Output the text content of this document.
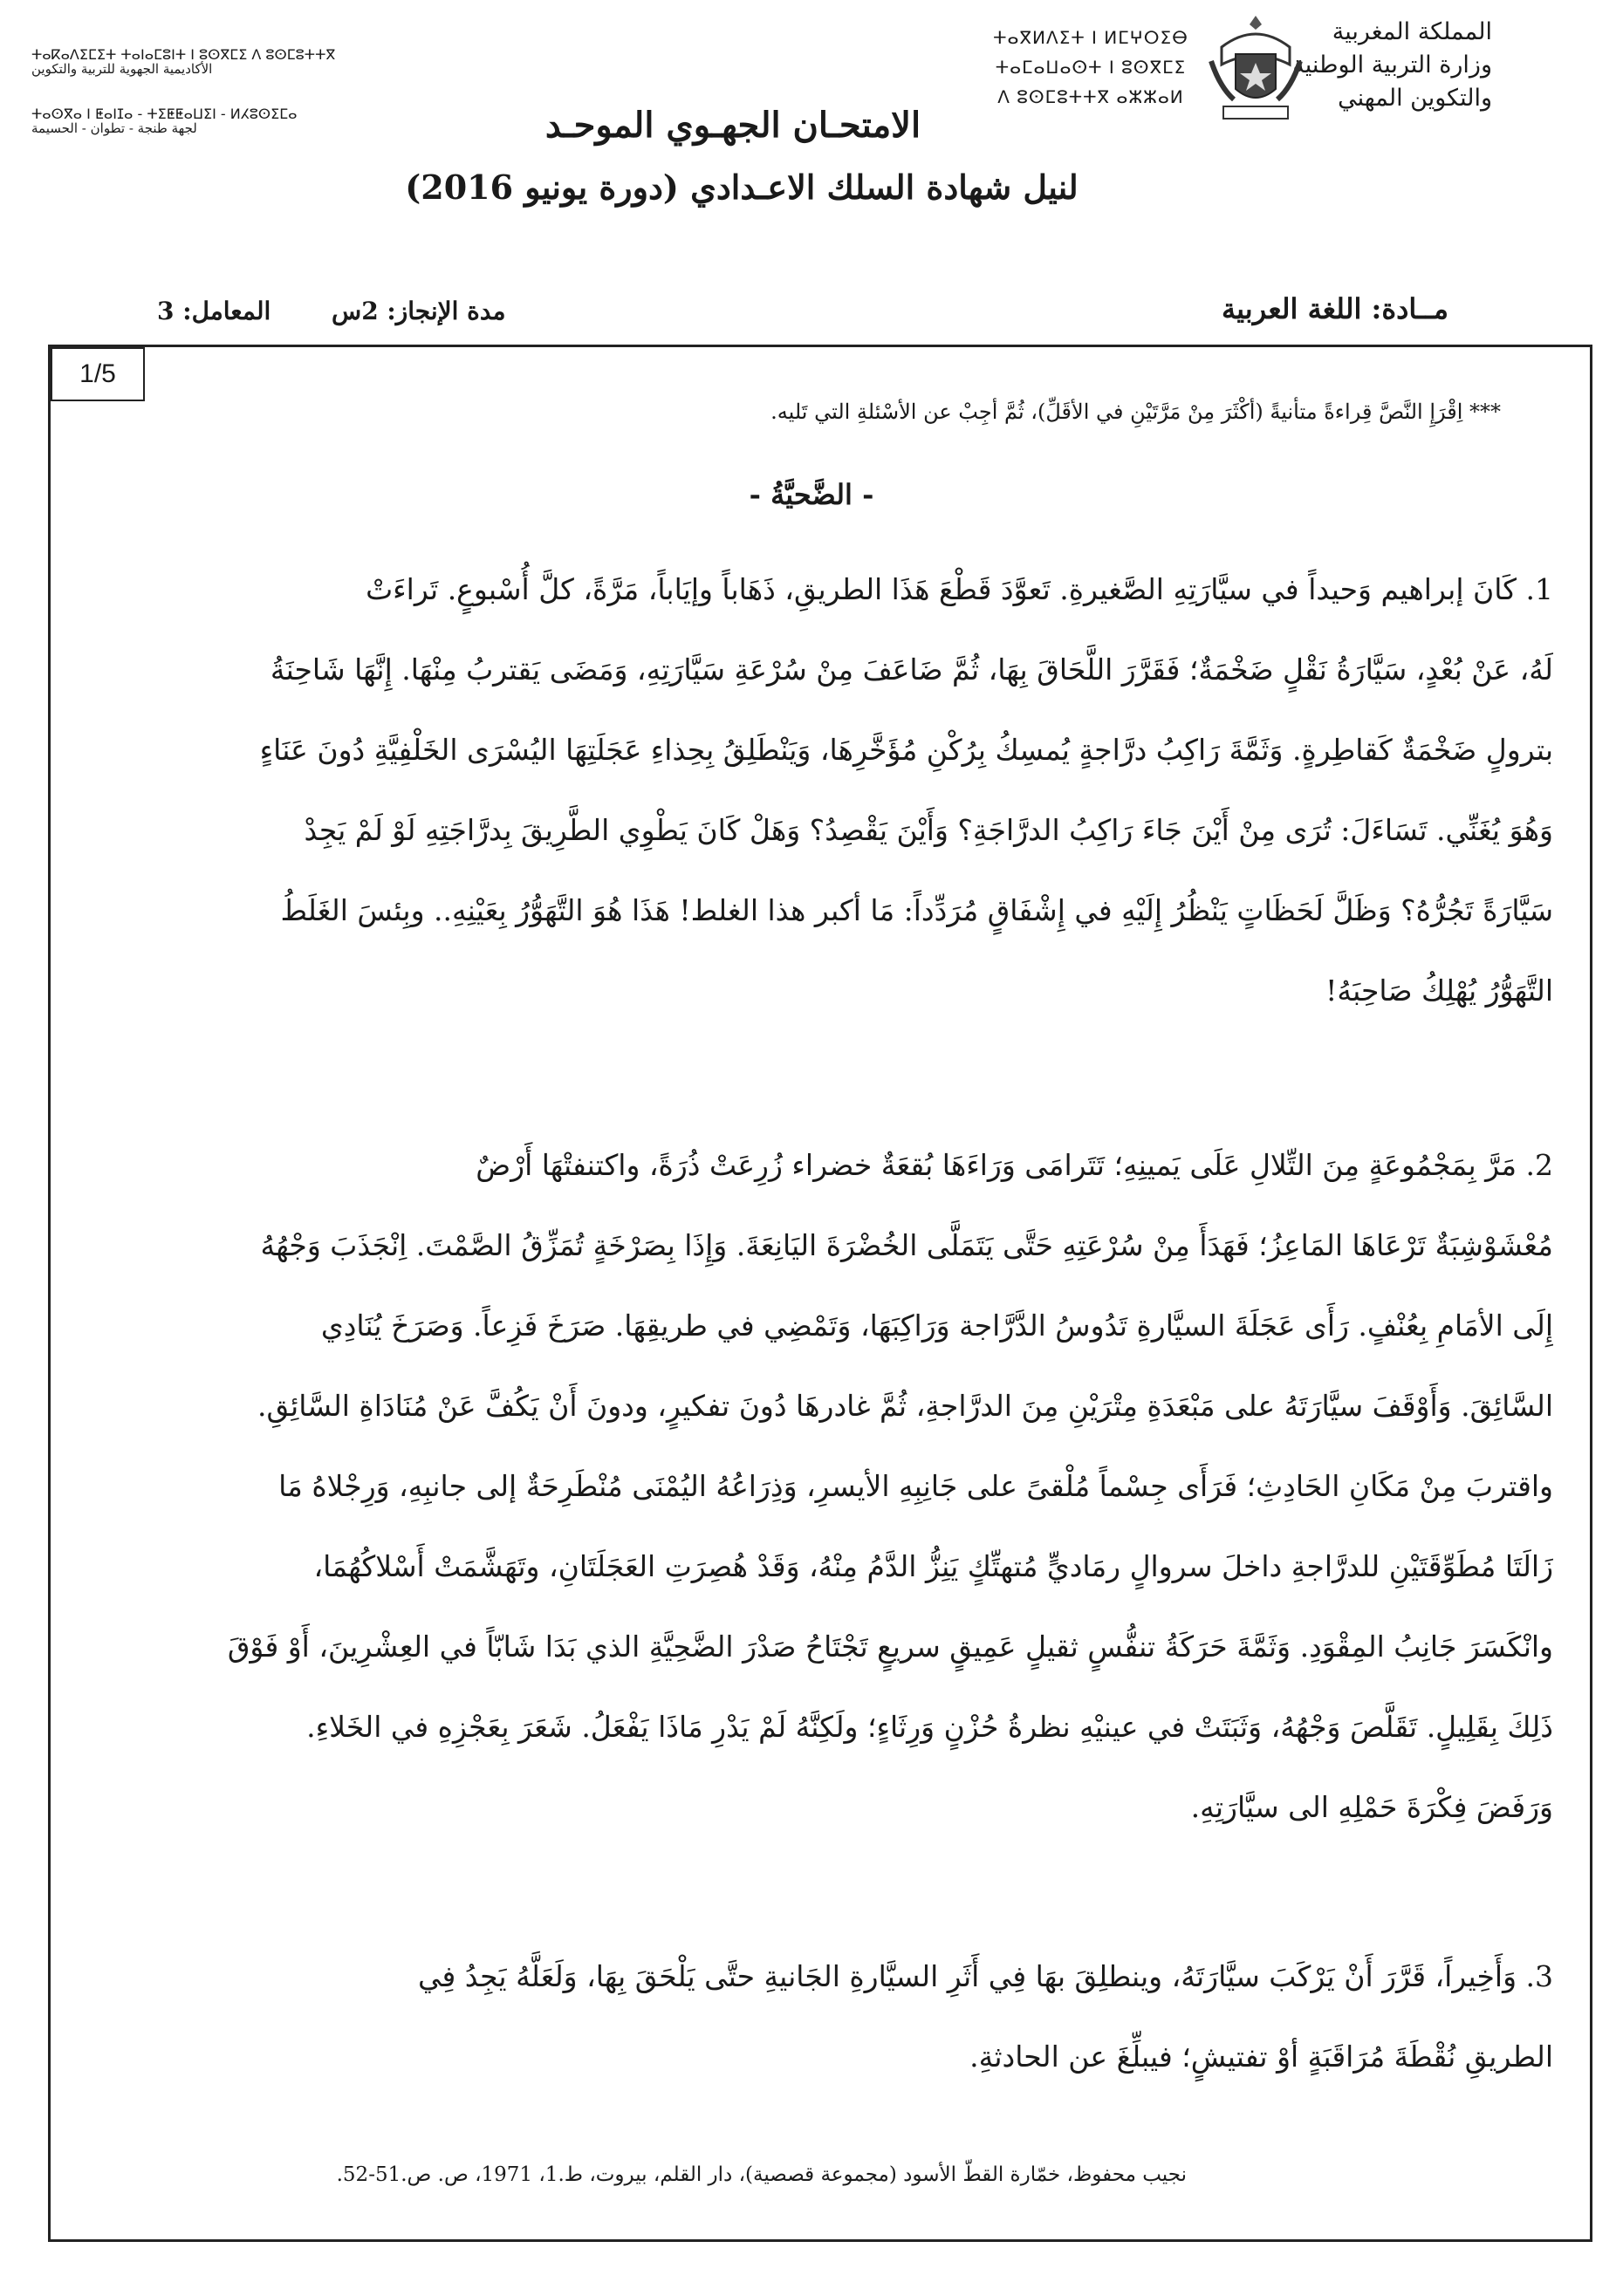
المملكة المغربية
وزارة التربية الوطنية
والتكوين المهني
ⵜⴰⴳⵍⴷⵉⵜ ⵏ ⵍⵎⵖⵔⵉⴱ
ⵜⴰⵎⴰⵡⴰⵙⵜ ⵏ ⵓⵙⴳⵎⵉ
ⴷ ⵓⵙⵎⵓⵜⵜⴳ ⴰⵣⵣⴰⵍ
ⵜⴰⴽⴰⴷⵉⵎⵉⵜ ⵜⴰⵏⴰⵎⵓⵏⵜ ⵏ ⵓⵙⴳⵎⵉ ⴷ ⵓⵙⵎⵓⵜⵜⴳ
ⵜⴰⵙⴳⴰ ⵏ ⵟⴰⵏⵊⴰ - ⵜⵉⵟⵟⴰⵡⵉⵏ - ⵍⵃⵓⵙⵉⵎⴰ
الأكاديمية الجهوية للتربية والتكوين
لجهة طنجة - تطوان - الحسيمة	الامتحـان الجهـوي الموحـد
لنيل شهادة السلك الاعـدادي (دورة يونيو 2016)
مــادة: اللغة العربية
مدة الإنجاز: 2س
المعامل: 3
1/5
*** اِقْرَإِ النَّصَّ قِراءةً متأنيةً (أكْثَرَ مِنْ مَرَّتَيْنِ في الأقَلِّ)، ثُمَّ أجِبْ عن الأسْئلةِ التي تَليه.
- الضَّحيَّةُ -
1. كَانَ إبراهيم وَحيداً في سيَّارَتِهِ الصَّغيرةِ. تَعوَّدَ قَطْعَ هَذَا الطريقِ، ذَهَاباً وإيَاباً، مَرَّةً، كلَّ أُسْبوعٍ. تَراءَتْ
لَهُ، عَنْ بُعْدٍ، سَيَّارَةُ نَقْلٍ ضَخْمَةٌ؛ فَقَرَّرَ اللَّحَاقَ بِهَا، ثُمَّ ضَاعَفَ مِنْ سُرْعَةِ سَيَّارَتِهِ، وَمَضَى يَقتربُ مِنْهَا. إِنَّهَا شَاحِنَةُ
بترولٍ ضَخْمَةٌ كَقاطِرةٍ. وَثَمَّةَ رَاكِبُ درَّاجةٍ يُمسِكُ بِرُكْنِ مُؤَخَّرِهَا، وَيَنْطَلِقُ بِحِذاءِ عَجَلَتِهَا اليُسْرَى الخَلْفِيَّةِ دُونَ عَنَاءٍ
وَهُوَ يُغَنِّي. تَسَاءَلَ: تُرَى مِنْ أَيْنَ جَاءَ رَاكِبُ الدرَّاجَةِ؟ وَأَيْنَ يَقْصِدُ؟ وَهَلْ كَانَ يَطْوِي الطَّرِيقَ بِدرَّاجَتِهِ لَوْ لَمْ يَجِدْ
سَيَّارَةً تَجُرُّهُ؟ وَظَلَّ لَحَظَاتٍ يَنْظُرُ إِلَيْهِ في إِشْفَاقٍ مُرَدِّداً: مَا أكبر هذا الغلط! هَذَا هُوَ التَّهَوُّرُ بِعَيْنِهِ.. وبِئسَ الغَلَطُ
التَّهَوُّرُ يُهْلِكُ صَاحِبَهُ!
2. مَرَّ بِمَجْمُوعَةٍ مِنَ التِّلالِ عَلَى يَمينِهِ؛ تَتَرامَى وَرَاءَهَا بُقعَةٌ خضراء زُرِعَتْ ذُرَةً، واكتنفتْهَا أَرْضٌ
مُعْشَوْشِبَةٌ تَرْعَاهَا المَاعِزُ؛ فَهَدَأَ مِنْ سُرْعَتِهِ حَتَّى يَتَمَلَّى الخُضْرَةَ اليَانِعَةَ. وَإِذَا بِصَرْخَةٍ تُمَزِّقُ الصَّمْتَ. اِنْجَذَبَ وَجْهُهُ
إِلَى الأمَامِ بِعُنْفٍ. رَأَى عَجَلَةَ السيَّارةِ تَدُوسُ الدَّرَّاجة وَرَاكِبَهَا، وَتَمْضِي في طريقِهَا. صَرَخَ فَزِعاً. وَصَرَخَ يُنَادِي
السَّائِقَ. وَأَوْقَفَ سيَّارَتَهُ على مَبْعَدَةِ مِتْرَيْنِ مِنَ الدرَّاجةِ، ثُمَّ غادرهَا دُونَ تفكيرٍ، ودونَ أَنْ يَكُفَّ عَنْ مُنَادَاةِ السَّائِقِ.
واقتربَ مِنْ مَكَانِ الحَادِثِ؛ فَرَأَى جِسْماً مُلْقىً على جَانِبِهِ الأيسرِ، وَذِرَاعُهُ اليُمْنَى مُنْطَرِحَةٌ إلى جانبِهِ، وَرِجْلاهُ مَا
زَالَتَا مُطَوِّقَتَيْنِ للدرَّاجةِ داخلَ سروالٍ رمَاديٍّ مُتهتِّكٍ يَنِزُّ الدَّمُ مِنْهُ، وَقَدْ هُصِرَتِ العَجَلَتَانِ، وتَهَشَّمَتْ أَسْلاكُهُمَا،
وانْكَسَرَ جَانِبُ المِقْوَدِ. وَثَمَّةَ حَرَكَةُ تنفُّسٍ ثقيلٍ عَمِيقٍ سريعٍ تَجْتَاحُ صَدْرَ الضَّحِيَّةِ الذي بَدَا شَابّاً في العِشْرِينَ، أَوْ فَوْقَ
ذَلِكَ بِقَلِيلٍ. تَقَلَّصَ وَجْهُهُ، وَثَبَتَتْ في عينيْهِ نظرةُ حُزْنٍ وَرِثَاءٍ؛ ولَكِنَّهُ لَمْ يَدْرِ مَاذَا يَفْعَلُ. شَعَرَ بِعَجْزِهِ في الخَلاءِ.
وَرَفَضَ فِكْرَةَ حَمْلِهِ الى سيَّارَتِهِ.
3. وَأَخِيراً، قَرَّرَ أَنْ يَرْكَبَ سيَّارَتَهُ، وينطلِقَ بهَا فِي أَثَرِ السيَّارةِ الجَانيةِ حتَّى يَلْحَقَ بِهَا، وَلَعَلَّهُ يَجِدُ فِي
الطريقِ نُقْطَةَ مُرَاقَبَةٍ أوْ تفتيشٍ؛ فيبلِّغَ عن الحادثةِ.
نجيب محفوظ، خمّارة القطّ الأسود (مجموعة قصصية)، دار القلم، بيروت، ط.1، 1971، ص. ص.51-52.
